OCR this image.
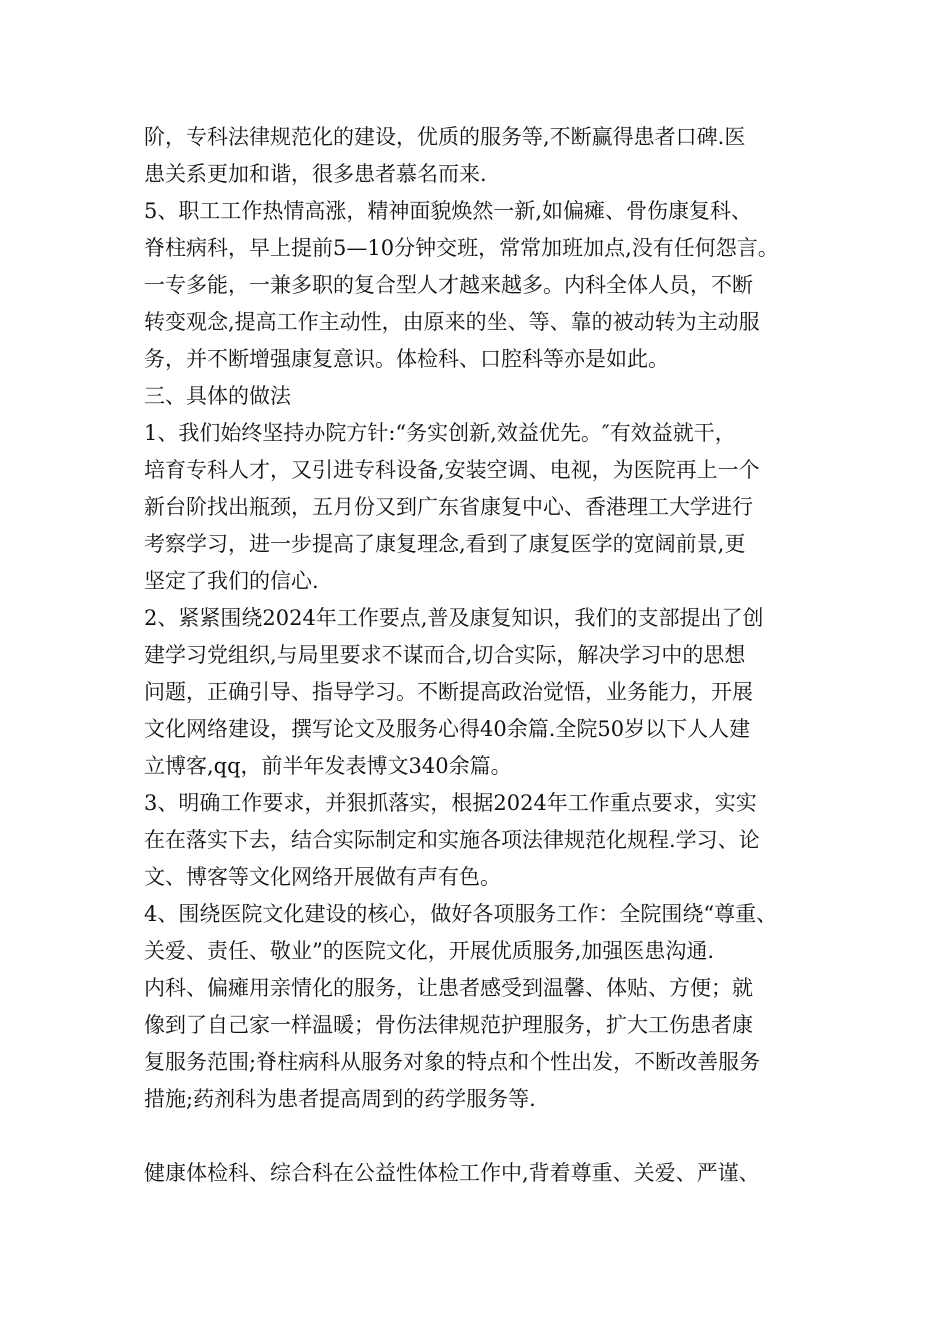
阶，专科法律规范化的建设，优质的服务等,不断赢得患者口碑.医
患关系更加和谐，很多患者慕名而来.
5、职工工作热情高涨，精神面貌焕然一新,如偏瘫、骨伤康复科、
脊柱病科，早上提前5—10分钟交班，常常加班加点,没有任何怨言。
一专多能，一兼多职的复合型人才越来越多。内科全体人员，不断
转变观念,提高工作主动性，由原来的坐、等、靠的被动转为主动服
务，并不断增强康复意识。体检科、口腔科等亦是如此。
三、具体的做法
1、我们始终坚持办院方针:“务实创新,效益优先。″有效益就干，
培育专科人才，又引进专科设备,安装空调、电视，为医院再上一个
新台阶找出瓶颈，五月份又到广东省康复中心、香港理工大学进行
考察学习，进一步提高了康复理念,看到了康复医学的宽阔前景,更
坚定了我们的信心.
2、紧紧围绕2024年工作要点,普及康复知识，我们的支部提出了创
建学习党组织,与局里要求不谋而合,切合实际，解决学习中的思想
问题，正确引导、指导学习。不断提高政治觉悟，业务能力，开展
文化网络建设，撰写论文及服务心得40余篇.全院50岁以下人人建
立博客,qq，前半年发表博文340余篇。
3、明确工作要求，并狠抓落实，根据2024年工作重点要求，实实
在在落实下去，结合实际制定和实施各项法律规范化规程.学习、论
文、博客等文化网络开展做有声有色。
4、围绕医院文化建设的核心，做好各项服务工作：全院围绕“尊重、
关爱、责任、敬业”的医院文化，开展优质服务,加强医患沟通.
内科、偏瘫用亲情化的服务，让患者感受到温馨、体贴、方便；就
像到了自己家一样温暖；骨伤法律规范护理服务，扩大工伤患者康
复服务范围;脊柱病科从服务对象的特点和个性出发，不断改善服务
措施;药剂科为患者提高周到的药学服务等.
健康体检科、综合科在公益性体检工作中,背着尊重、关爱、严谨、
